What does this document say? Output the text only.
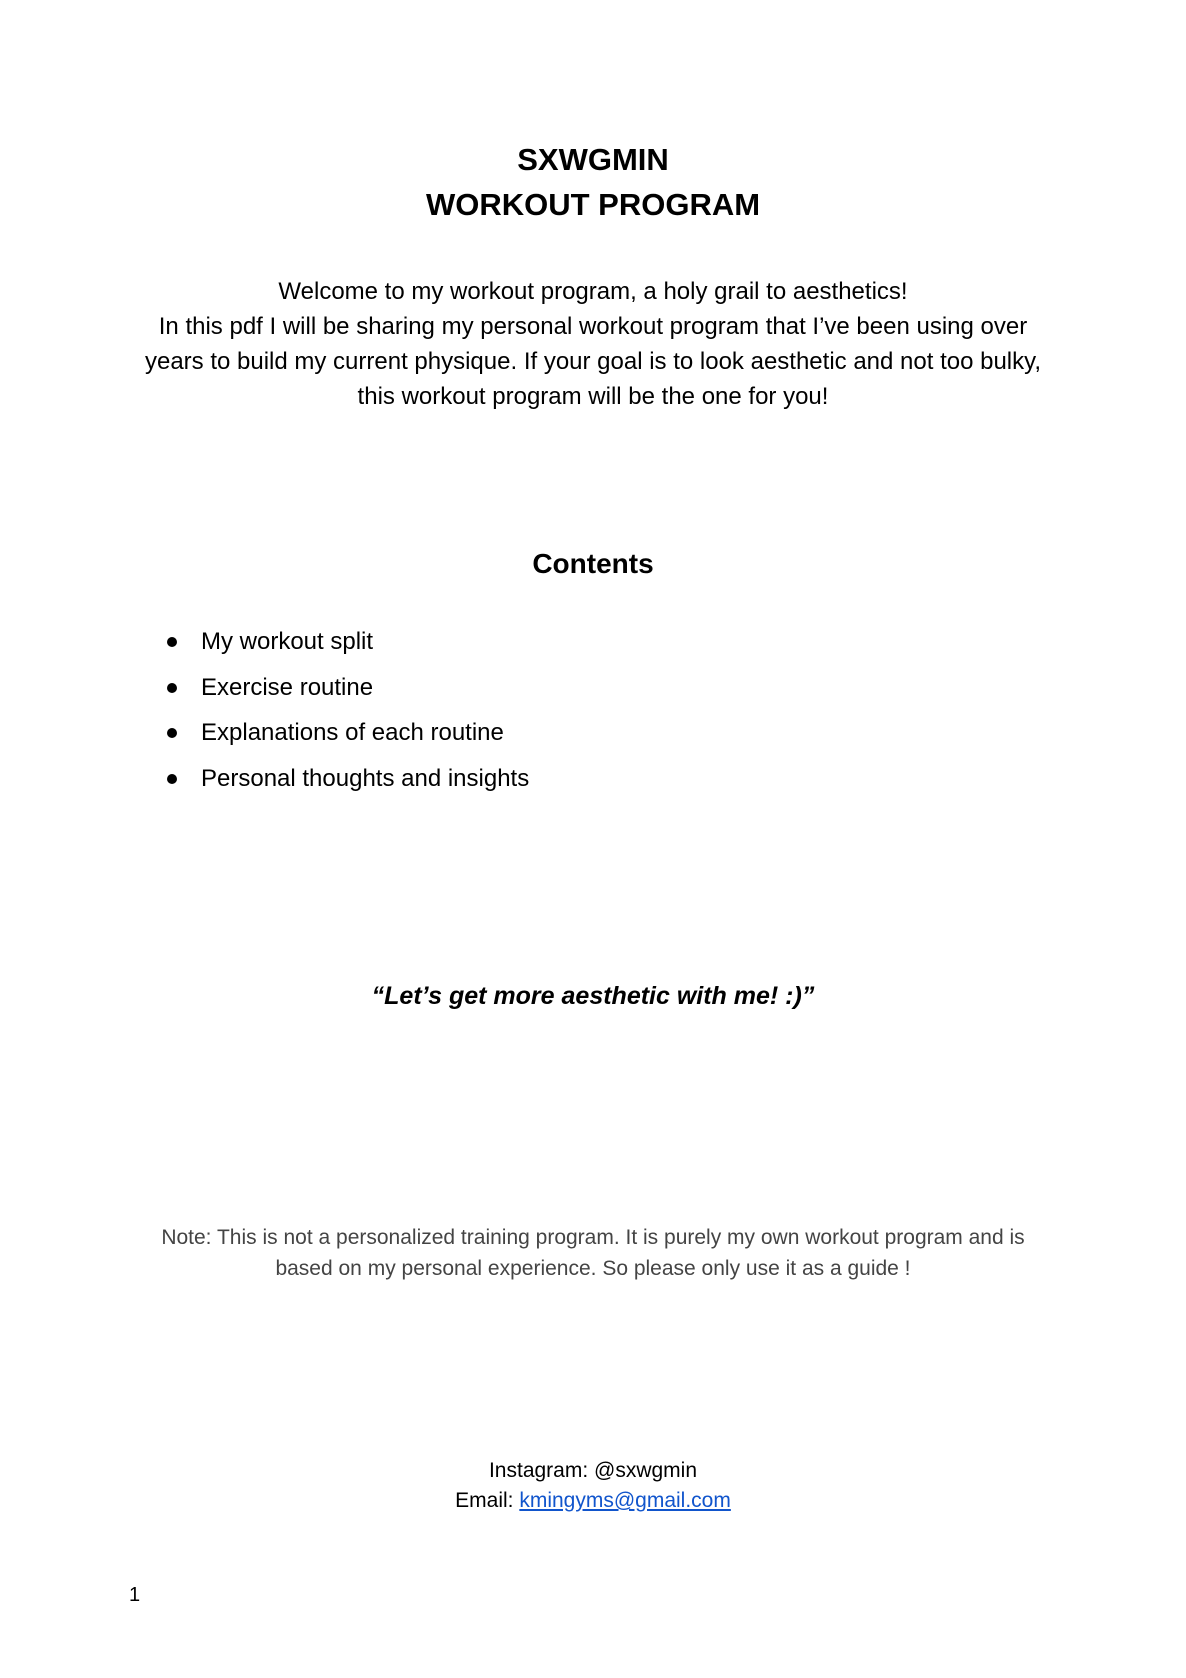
SXWGMIN
WORKOUT PROGRAM
Welcome to my workout program, a holy grail to aesthetics!
In this pdf I will be sharing my personal workout program that I’ve been using over years to build my current physique. If your goal is to look aesthetic and not too bulky, this workout program will be the one for you!
Contents
My workout split
Exercise routine
Explanations of each routine
Personal thoughts and insights
“Let’s get more aesthetic with me! :)”
Note: This is not a personalized training program. It is purely my own workout program and is based on my personal experience. So please only use it as a guide !
Instagram: @sxwgmin
Email: kmingyms@gmail.com
1
